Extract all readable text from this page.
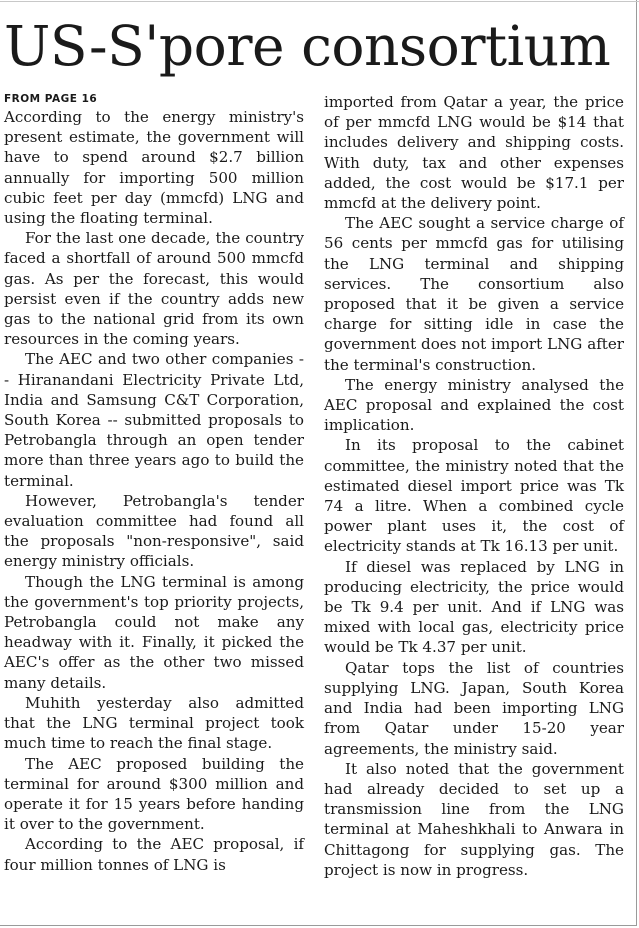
US-S'pore consortium
FROM PAGE 16

According to the energy ministry's present estimate, the government will have to spend around $2.7 billion annually for importing 500 million cubic feet per day (mmcfd) LNG and using the floating terminal.

For the last one decade, the country faced a shortfall of around 500 mmcfd gas. As per the forecast, this would persist even if the country adds new gas to the national grid from its own resources in the coming years.

The AEC and two other companies -- Hiranandani Electricity Private Ltd, India and Samsung C&T Corporation, South Korea -- submitted proposals to Petrobangla through an open tender more than three years ago to build the terminal.

However, Petrobangla's tender evaluation committee had found all the proposals "non-responsive", said energy ministry officials.

Though the LNG terminal is among the government's top priority projects, Petrobangla could not make any headway with it. Finally, it picked the AEC's offer as the other two missed many details.

Muhith yesterday also admitted that the LNG terminal project took much time to reach the final stage.

The AEC proposed building the terminal for around $300 million and operate it for 15 years before handing it over to the government.

According to the AEC proposal, if four million tonnes of LNG is

imported from Qatar a year, the price of per mmcfd LNG would be $14 that includes delivery and shipping costs. With duty, tax and other expenses added, the cost would be $17.1 per mmcfd at the delivery point.

The AEC sought a service charge of 56 cents per mmcfd gas for utilising the LNG terminal and shipping services. The consortium also proposed that it be given a service charge for sitting idle in case the government does not import LNG after the terminal's construction.

The energy ministry analysed the AEC proposal and explained the cost implication.

In its proposal to the cabinet committee, the ministry noted that the estimated diesel import price was Tk 74 a litre. When a combined cycle power plant uses it, the cost of electricity stands at Tk 16.13 per unit.

If diesel was replaced by LNG in producing electricity, the price would be Tk 9.4 per unit. And if LNG was mixed with local gas, electricity price would be Tk 4.37 per unit.

Qatar tops the list of countries supplying LNG. Japan, South Korea and India had been importing LNG from Qatar under 15-20 year agreements, the ministry said.

It also noted that the government had already decided to set up a transmission line from the LNG terminal at Maheshkhali to Anwara in Chittagong for supplying gas. The project is now in progress.
